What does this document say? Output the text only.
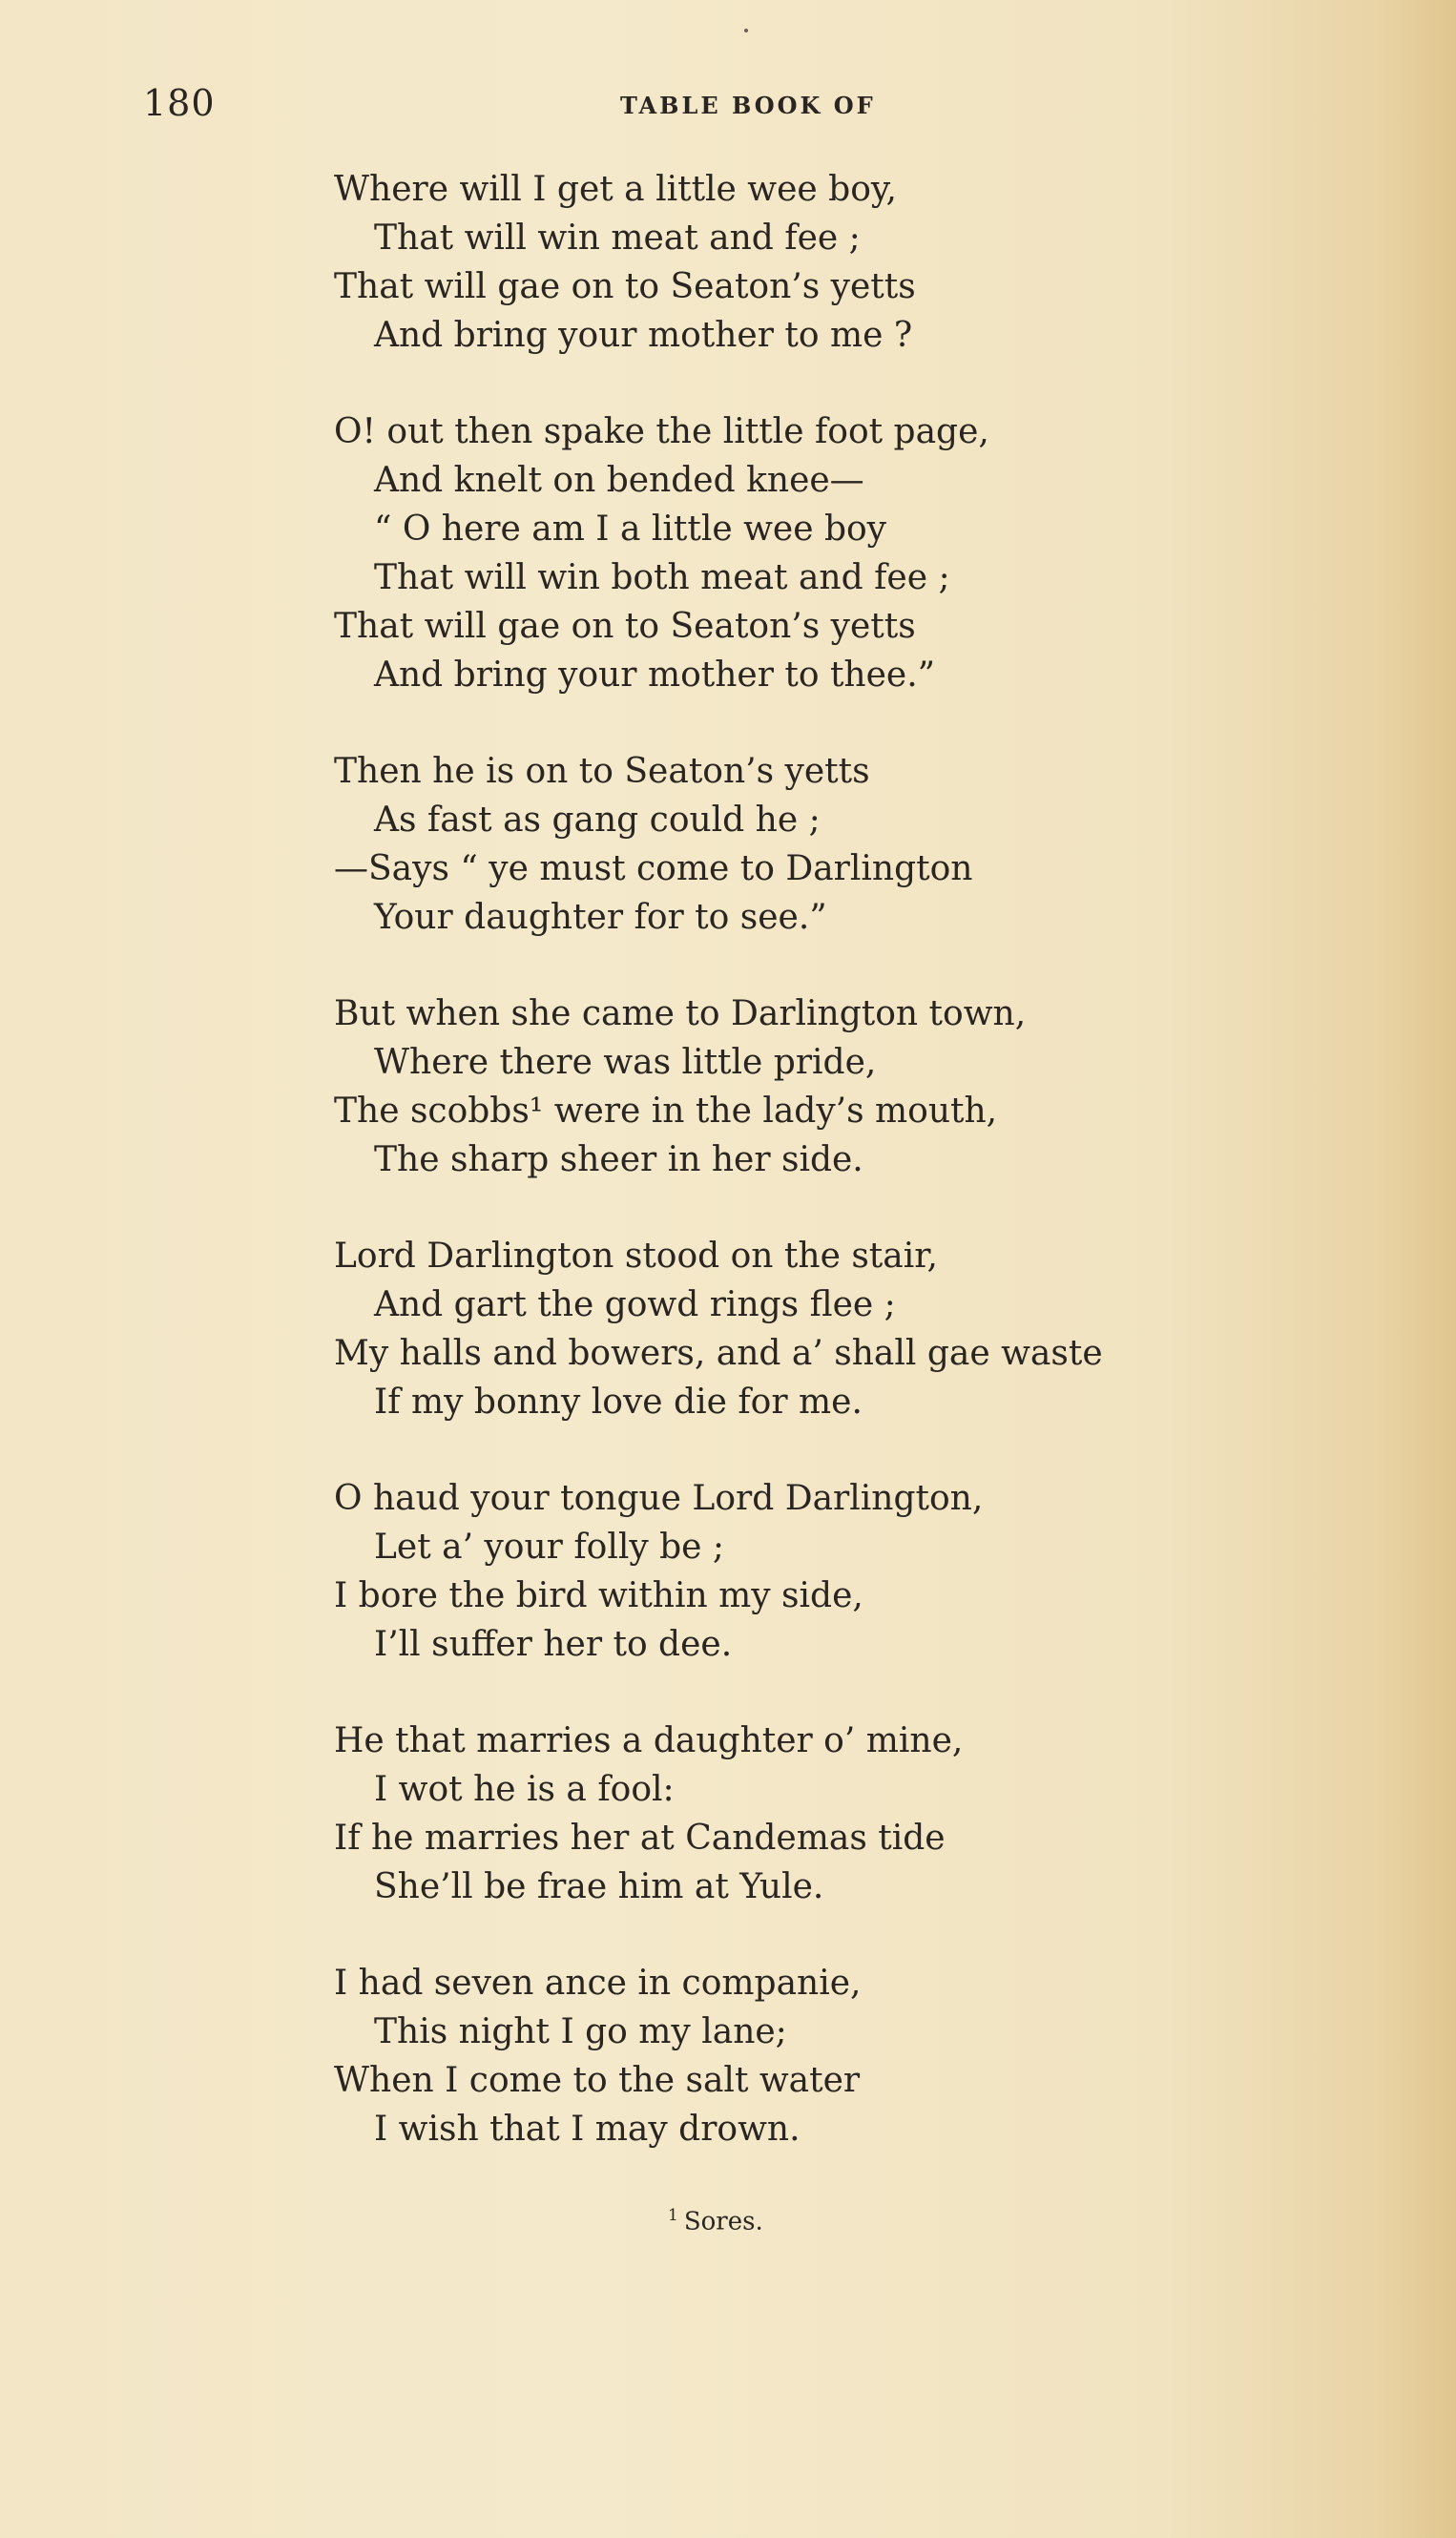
180	TABLE BOOK OF
Where will I get a little wee boy,
That will win meat and fee ;
That will gae on to Seaton’s yetts
And bring your mother to me ?
O! out then spake the little foot page,
And knelt on bended knee—
“ O here am I a little wee boy
That will win both meat and fee ;
That will gae on to Seaton’s yetts
And bring your mother to thee.”
Then he is on to Seaton’s yetts
As fast as gang could he ;
—Says “ ye must come to Darlington
Your daughter for to see.”
But when she came to Darlington town,
Where there was little pride,
The scobbs¹ were in the lady’s mouth,
The sharp sheer in her side.
Lord Darlington stood on the stair,
And gart the gowd rings flee ;
My halls and bowers, and a’ shall gae waste
If my bonny love die for me.
O haud your tongue Lord Darlington,
Let a’ your folly be ;
I bore the bird within my side,
I’ll suffer her to dee.
He that marries a daughter o’ mine,
I wot he is a fool:
If he marries her at Candemas tide
She’ll be frae him at Yule.
I had seven ance in companie,
This night I go my lane;
When I come to the salt water
I wish that I may drown.
$^1$ Sores.
